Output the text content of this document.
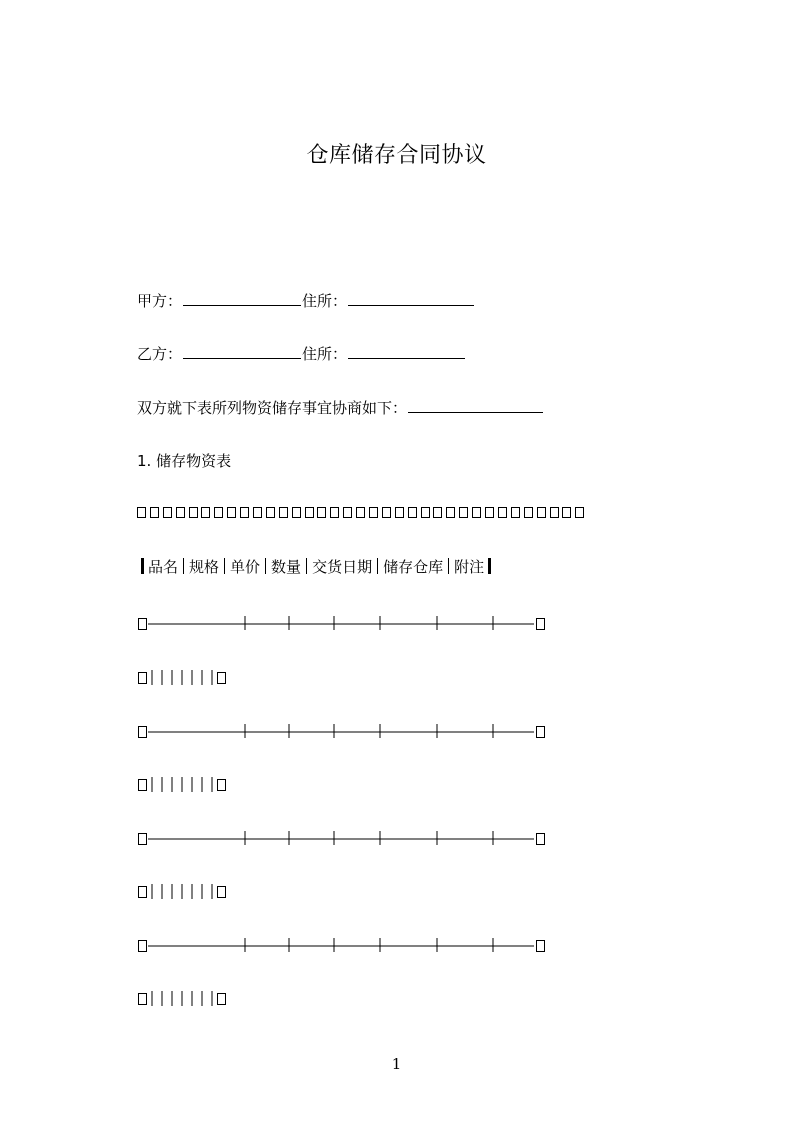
仓库储存合同协议
甲方：	住所：
乙方：	住所：
双方就下表所列物资储存事宜协商如下：
1. 储存物资表
品名 规格 单价 数量 交货日期 储存仓库 附注
1
